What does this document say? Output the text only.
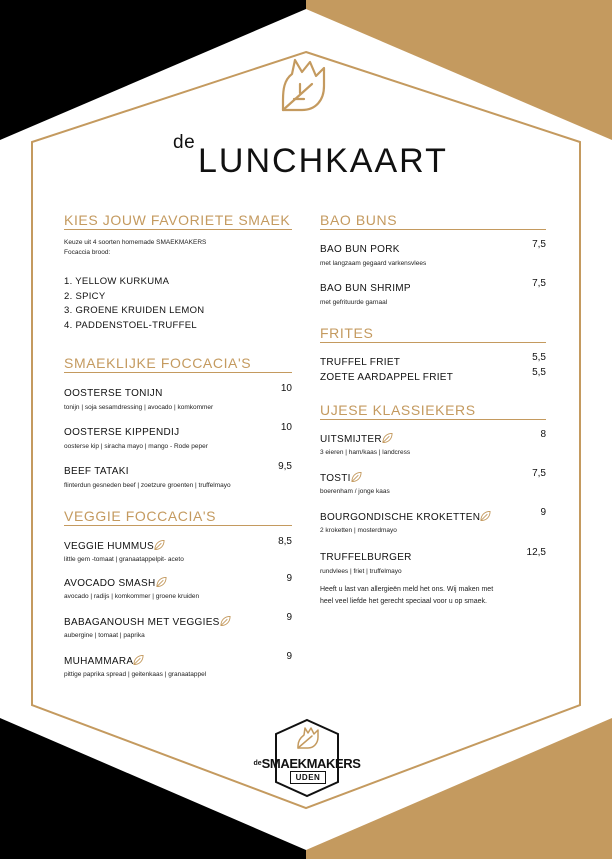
de LUNCHKAART
KIES JOUW FAVORIETE SMAEK
Keuze uit 4 soorten homemade SMAEKMAKERS
Focaccia brood:
1. YELLOW KURKUMA
2. SPICY
3. GROENE KRUIDEN LEMON
4. PADDENSTOEL-TRUFFEL
SMAEKLIJKE FOCCACIA'S
OOSTERSE TONIJN	10
tonijn | soja sesamdressing | avocado | komkommer
OOSTERSE KIPPENDIJ	10
oosterse kip | siracha mayo | mango - Rode peper
BEEF TATAKI	9,5
flinterdun gesneden beef | zoetzure groenten | truffelmayo
VEGGIE FOCCACIA'S
VEGGIE HUMMUS	8,5
little gem -tomaat | granaatappelpit- aceto
AVOCADO SMASH	9
avocado | radijs | komkommer | groene kruiden
BABAGANOUSH MET VEGGIES	9
aubergine | tomaat | paprika
MUHAMMARA	9
pittige paprika spread | geitenkaas | granaatappel
BAO BUNS
BAO BUN PORK	7,5
met langzaam gegaard varkensvlees
BAO BUN SHRIMP	7,5
met gefrituurde garnaal
FRITES
TRUFFEL FRIET	5,5
ZOETE AARDAPPEL FRIET	5,5
UJESE KLASSIEKERS
UITSMIJTER	8
3 eieren | ham/kaas | landcress
TOSTI	7,5
boerenham / jonge kaas
BOURGONDISCHE KROKETTEN	9
2 kroketten | mosterdmayo
TRUFFELBURGER	12,5
rundvlees | friet | truffelmayo
Heeft u last van allergieën meld het ons. Wij maken met
heel veel liefde het gerecht speciaal voor u op smaek.
deSMAEKMAKERS
UDEN
